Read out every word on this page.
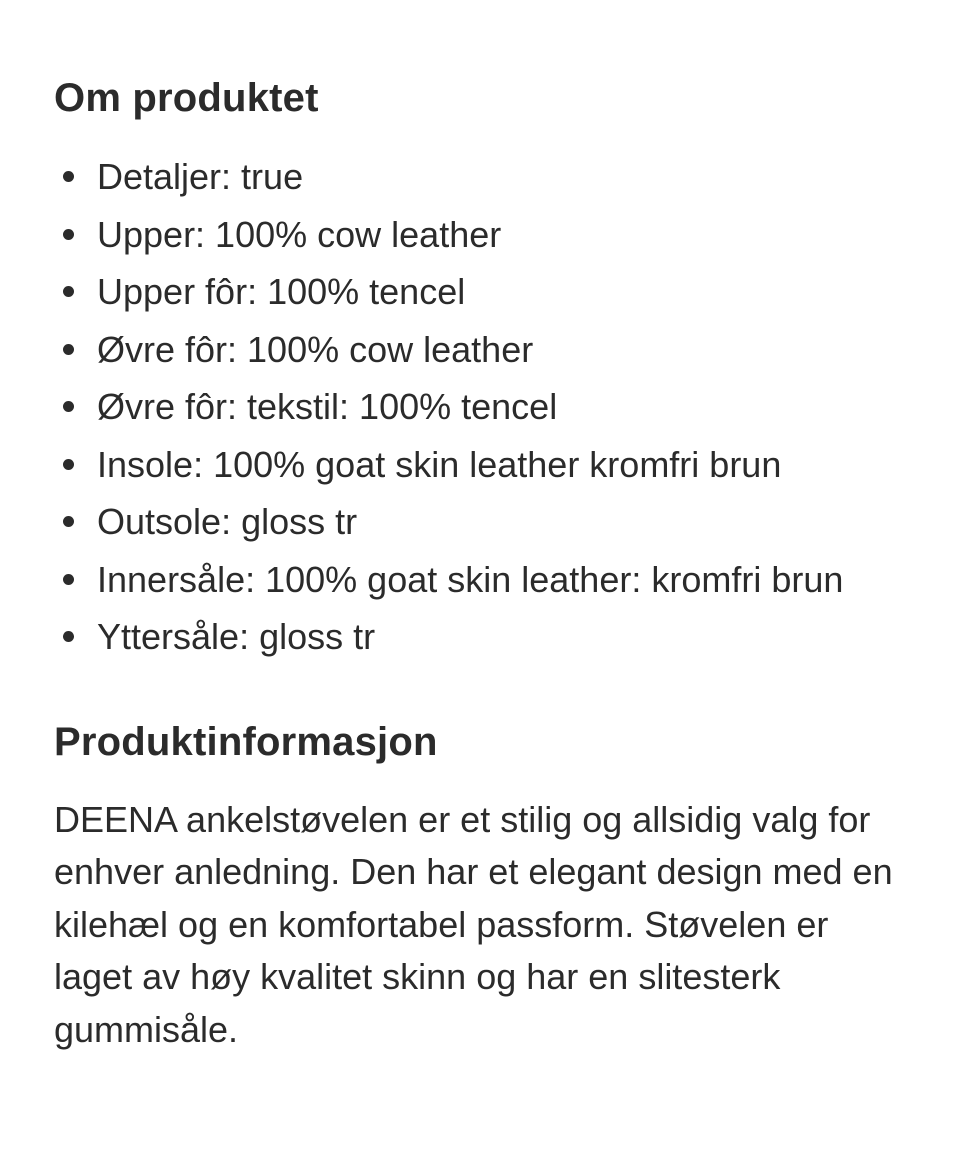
Om produktet
Detaljer: true
Upper: 100% cow leather
Upper fôr: 100% tencel
Øvre fôr: 100% cow leather
Øvre fôr: tekstil: 100% tencel
Insole: 100% goat skin leather kromfri brun
Outsole: gloss tr
Innersåle: 100% goat skin leather: kromfri brun
Yttersåle: gloss tr
Produktinformasjon

DEENA ankelstøvelen er et stilig og allsidig valg for enhver anledning. Den har et elegant design med en kilehæl og en komfortabel passform. Støvelen er laget av høy kvalitet skinn og har en slitesterk gummisåle.
